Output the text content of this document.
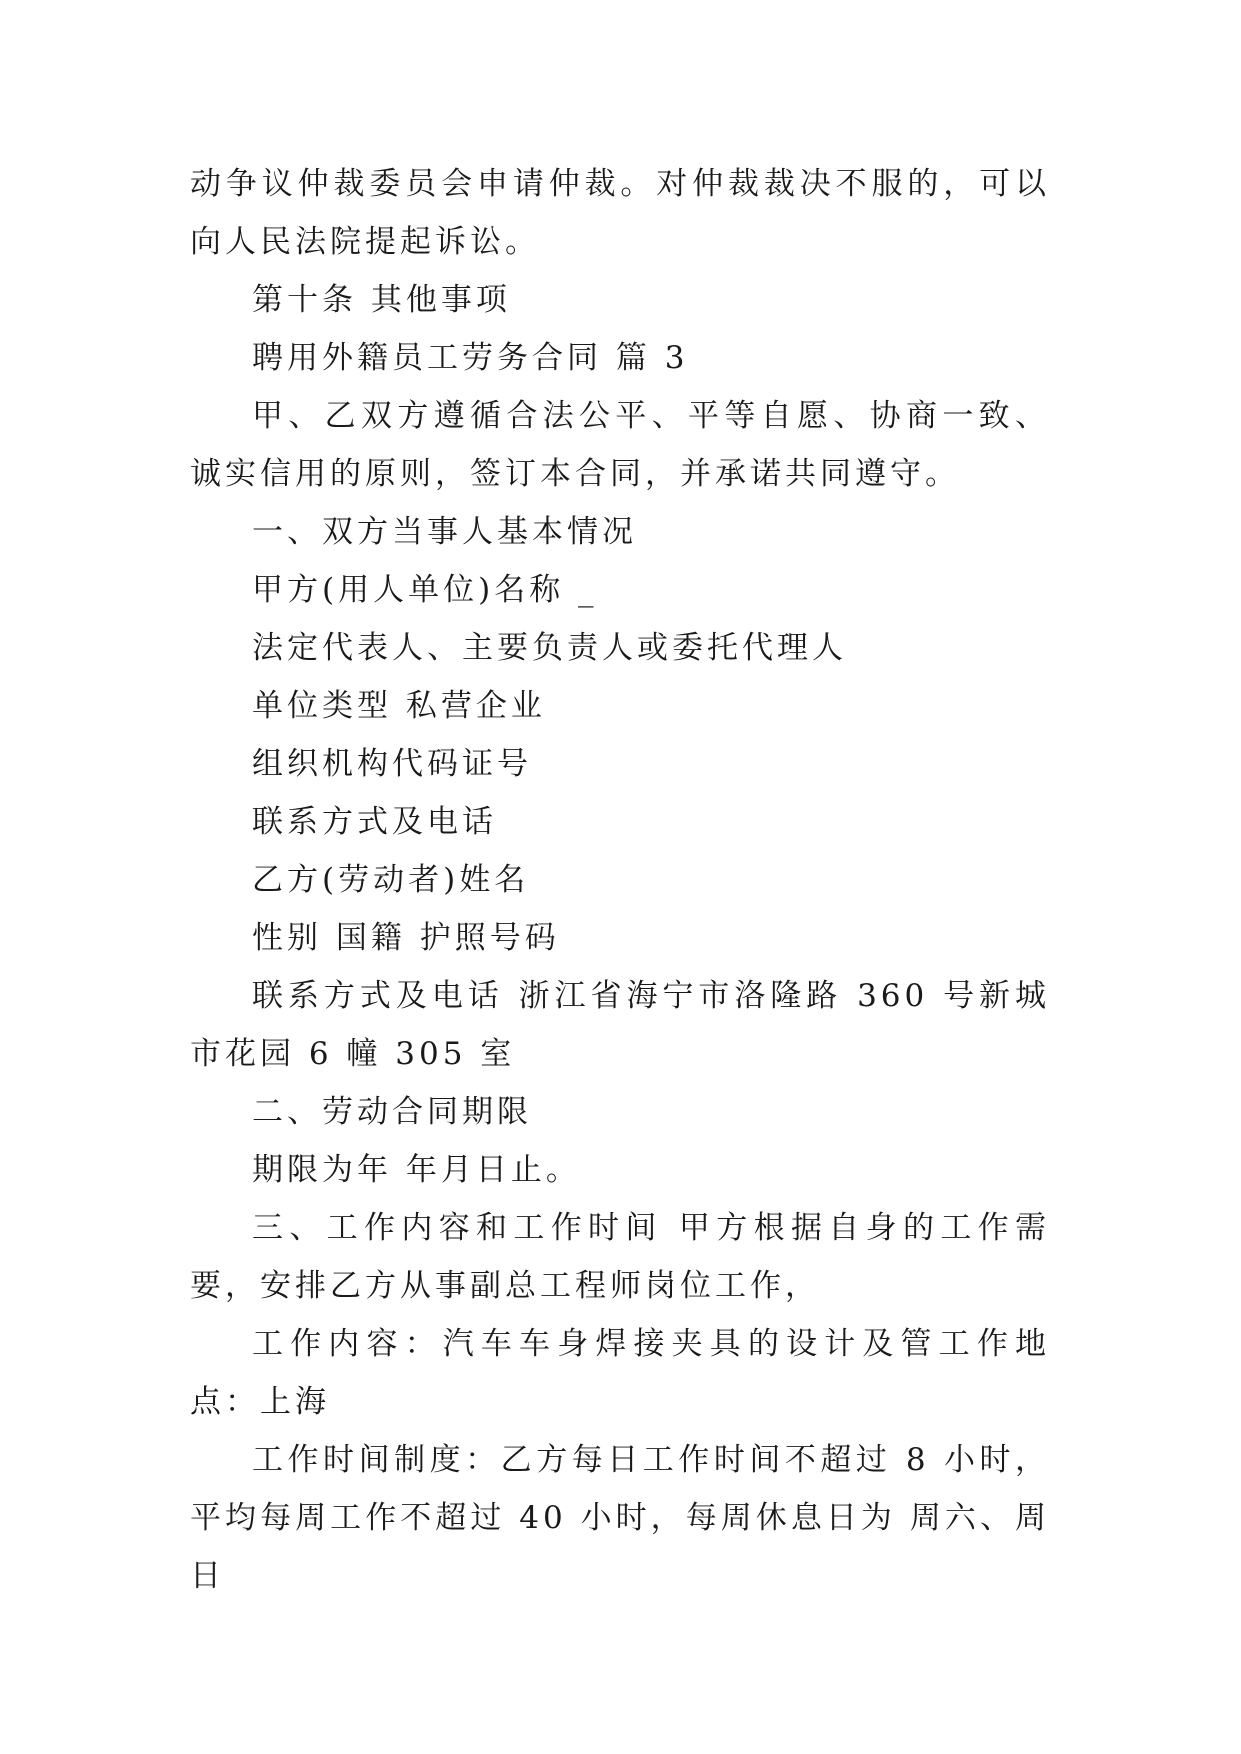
动争议仲裁委员会申请仲裁。对仲裁裁决不服的，可以向人民法院提起诉讼。

第十条 其他事项

聘用外籍员工劳务合同 篇 3

甲、乙双方遵循合法公平、平等自愿、协商一致、诚实信用的原则，签订本合同，并承诺共同遵守。

一、双方当事人基本情况

甲方(用人单位)名称 _

法定代表人、主要负责人或委托代理人

单位类型 私营企业

组织机构代码证号

联系方式及电话

乙方(劳动者)姓名

性别 国籍 护照号码

联系方式及电话 浙江省海宁市洛隆路 360 号新城市花园 6 幢 305 室

二、劳动合同期限

期限为年 年月日止。

三、工作内容和工作时间 甲方根据自身的工作需要，安排乙方从事副总工程师岗位工作，

工作内容：汽车车身焊接夹具的设计及管工作地点：上海

工作时间制度：乙方每日工作时间不超过 8 小时，平均每周工作不超过 40 小时，每周休息日为 周六、周日
